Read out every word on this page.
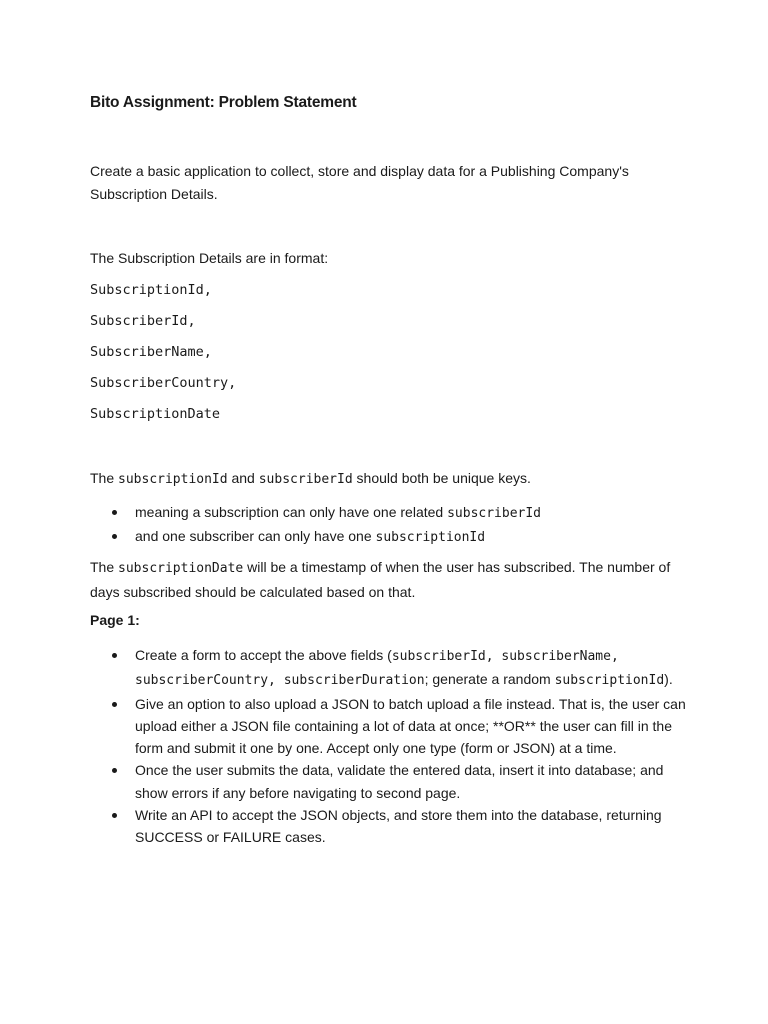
Bito Assignment: Problem Statement

Create a basic application to collect, store and display data for a Publishing Company's Subscription Details.

The Subscription Details are in format:

SubscriptionId,
SubscriberId,
SubscriberName,
SubscriberCountry,
SubscriptionDate

The subscriptionId and subscriberId should both be unique keys.

meaning a subscription can only have one related subscriberId
and one subscriber can only have one subscriptionId

The subscriptionDate will be a timestamp of when the user has subscribed. The number of days subscribed should be calculated based on that.

Page 1:

Create a form to accept the above fields (subscriberId, subscriberName, subscriberCountry, subscriberDuration; generate a random subscriptionId).
Give an option to also upload a JSON to batch upload a file instead. That is, the user can upload either a JSON file containing a lot of data at once; **OR** the user can fill in the form and submit it one by one. Accept only one type (form or JSON) at a time.
Once the user submits the data, validate the entered data, insert it into database; and show errors if any before navigating to second page.
Write an API to accept the JSON objects, and store them into the database, returning SUCCESS or FAILURE cases.
